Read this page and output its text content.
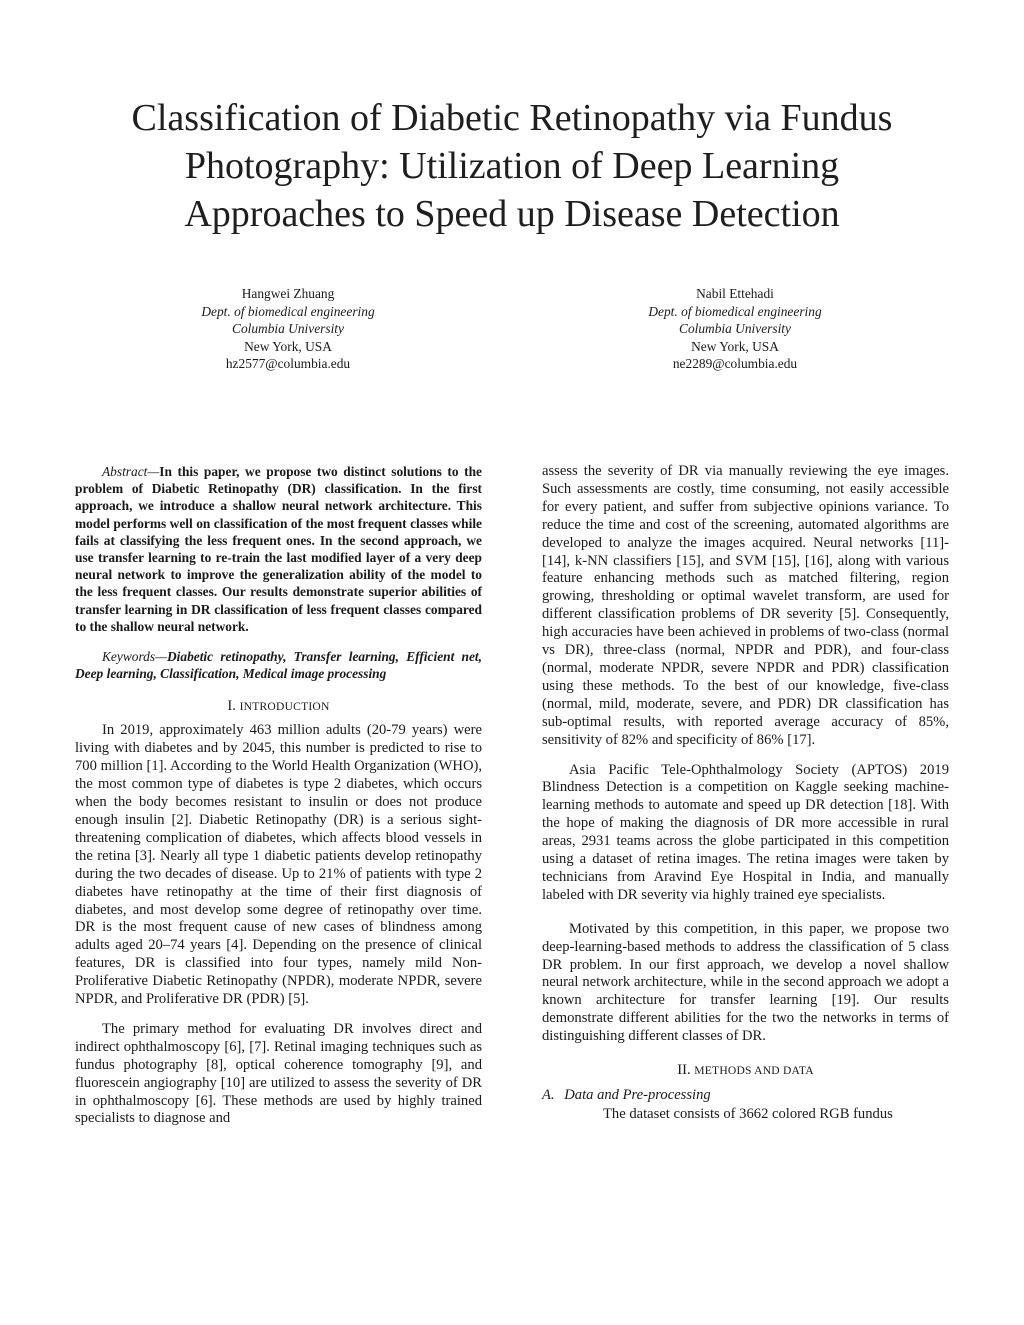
Classification of Diabetic Retinopathy via Fundus
Photography: Utilization of Deep Learning
Approaches to Speed up Disease Detection
Hangwei Zhuang
Dept. of biomedical engineering
Columbia University
New York, USA
hz2577@columbia.edu
Nabil Ettehadi
Dept. of biomedical engineering
Columbia University
New York, USA
ne2289@columbia.edu

Abstract—In this paper, we propose two distinct solutions to the problem of Diabetic Retinopathy (DR) classification. In the first approach, we introduce a shallow neural network architecture. This model performs well on classification of the most frequent classes while fails at classifying the less frequent ones. In the second approach, we use transfer learning to re-train the last modified layer of a very deep neural network to improve the generalization ability of the model to the less frequent classes. Our results demonstrate superior abilities of transfer learning in DR classification of less frequent classes compared to the shallow neural network.

Keywords—Diabetic retinopathy, Transfer learning, Efficient net, Deep learning, Classification, Medical image processing

I. INTRODUCTION

In 2019, approximately 463 million adults (20-79 years) were living with diabetes and by 2045, this number is predicted to rise to 700 million [1]. According to the World Health Organization (WHO), the most common type of diabetes is type 2 diabetes, which occurs when the body becomes resistant to insulin or does not produce enough insulin [2]. Diabetic Retinopathy (DR) is a serious sight-threatening complication of diabetes, which affects blood vessels in the retina [3]. Nearly all type 1 diabetic patients develop retinopathy during the two decades of disease. Up to 21% of patients with type 2 diabetes have retinopathy at the time of their first diagnosis of diabetes, and most develop some degree of retinopathy over time. DR is the most frequent cause of new cases of blindness among adults aged 20–74 years [4]. Depending on the presence of clinical features, DR is classified into four types, namely mild Non-Proliferative Diabetic Retinopathy (NPDR), moderate NPDR, severe NPDR, and Proliferative DR (PDR) [5].

The primary method for evaluating DR involves direct and indirect ophthalmoscopy [6], [7]. Retinal imaging techniques such as fundus photography [8], optical coherence tomography [9], and fluorescein angiography [10] are utilized to assess the severity of DR in ophthalmoscopy [6]. These methods are used by highly trained specialists to diagnose and

assess the severity of DR via manually reviewing the eye images. Such assessments are costly, time consuming, not easily accessible for every patient, and suffer from subjective opinions variance. To reduce the time and cost of the screening, automated algorithms are developed to analyze the images acquired. Neural networks [11]-[14], k-NN classifiers [15], and SVM [15], [16], along with various feature enhancing methods such as matched filtering, region growing, thresholding or optimal wavelet transform, are used for different classification problems of DR severity [5]. Consequently, high accuracies have been achieved in problems of two-class (normal vs DR), three-class (normal, NPDR and PDR), and four-class (normal, moderate NPDR, severe NPDR and PDR) classification using these methods. To the best of our knowledge, five-class (normal, mild, moderate, severe, and PDR) DR classification has sub-optimal results, with reported average accuracy of 85%, sensitivity of 82% and specificity of 86% [17].

Asia Pacific Tele-Ophthalmology Society (APTOS) 2019 Blindness Detection is a competition on Kaggle seeking machine-learning methods to automate and speed up DR detection [18]. With the hope of making the diagnosis of DR more accessible in rural areas, 2931 teams across the globe participated in this competition using a dataset of retina images. The retina images were taken by technicians from Aravind Eye Hospital in India, and manually labeled with DR severity via highly trained eye specialists.

Motivated by this competition, in this paper, we propose two deep-learning-based methods to address the classification of 5 class DR problem. In our first approach, we develop a novel shallow neural network architecture, while in the second approach we adopt a known architecture for transfer learning [19]. Our results demonstrate different abilities for the two the networks in terms of distinguishing different classes of DR.

II. METHODS AND DATA
A. Data and Pre-processing

The dataset consists of 3662 colored RGB fundus
